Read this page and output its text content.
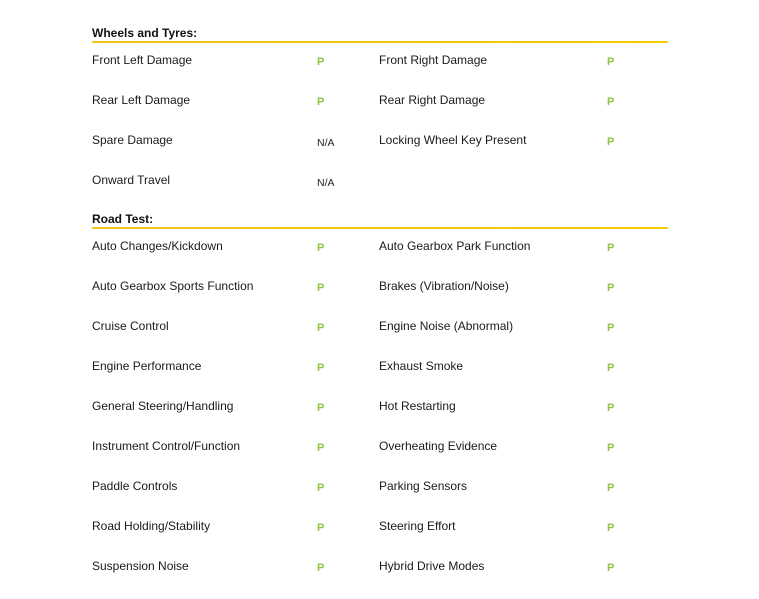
Wheels and Tyres:
Front Left Damage	P	Front Right Damage	P
Rear Left Damage	P	Rear Right Damage	P
Spare Damage	N/A	Locking Wheel Key Present	P
Onward Travel	N/A
Road Test:
Auto Changes/Kickdown	P	Auto Gearbox Park Function	P
Auto Gearbox Sports Function	P	Brakes (Vibration/Noise)	P
Cruise Control	P	Engine Noise (Abnormal)	P
Engine Performance	P	Exhaust Smoke	P
General Steering/Handling	P	Hot Restarting	P
Instrument Control/Function	P	Overheating Evidence	P
Paddle Controls	P	Parking Sensors	P
Road Holding/Stability	P	Steering Effort	P
Suspension Noise	P	Hybrid Drive Modes	P
